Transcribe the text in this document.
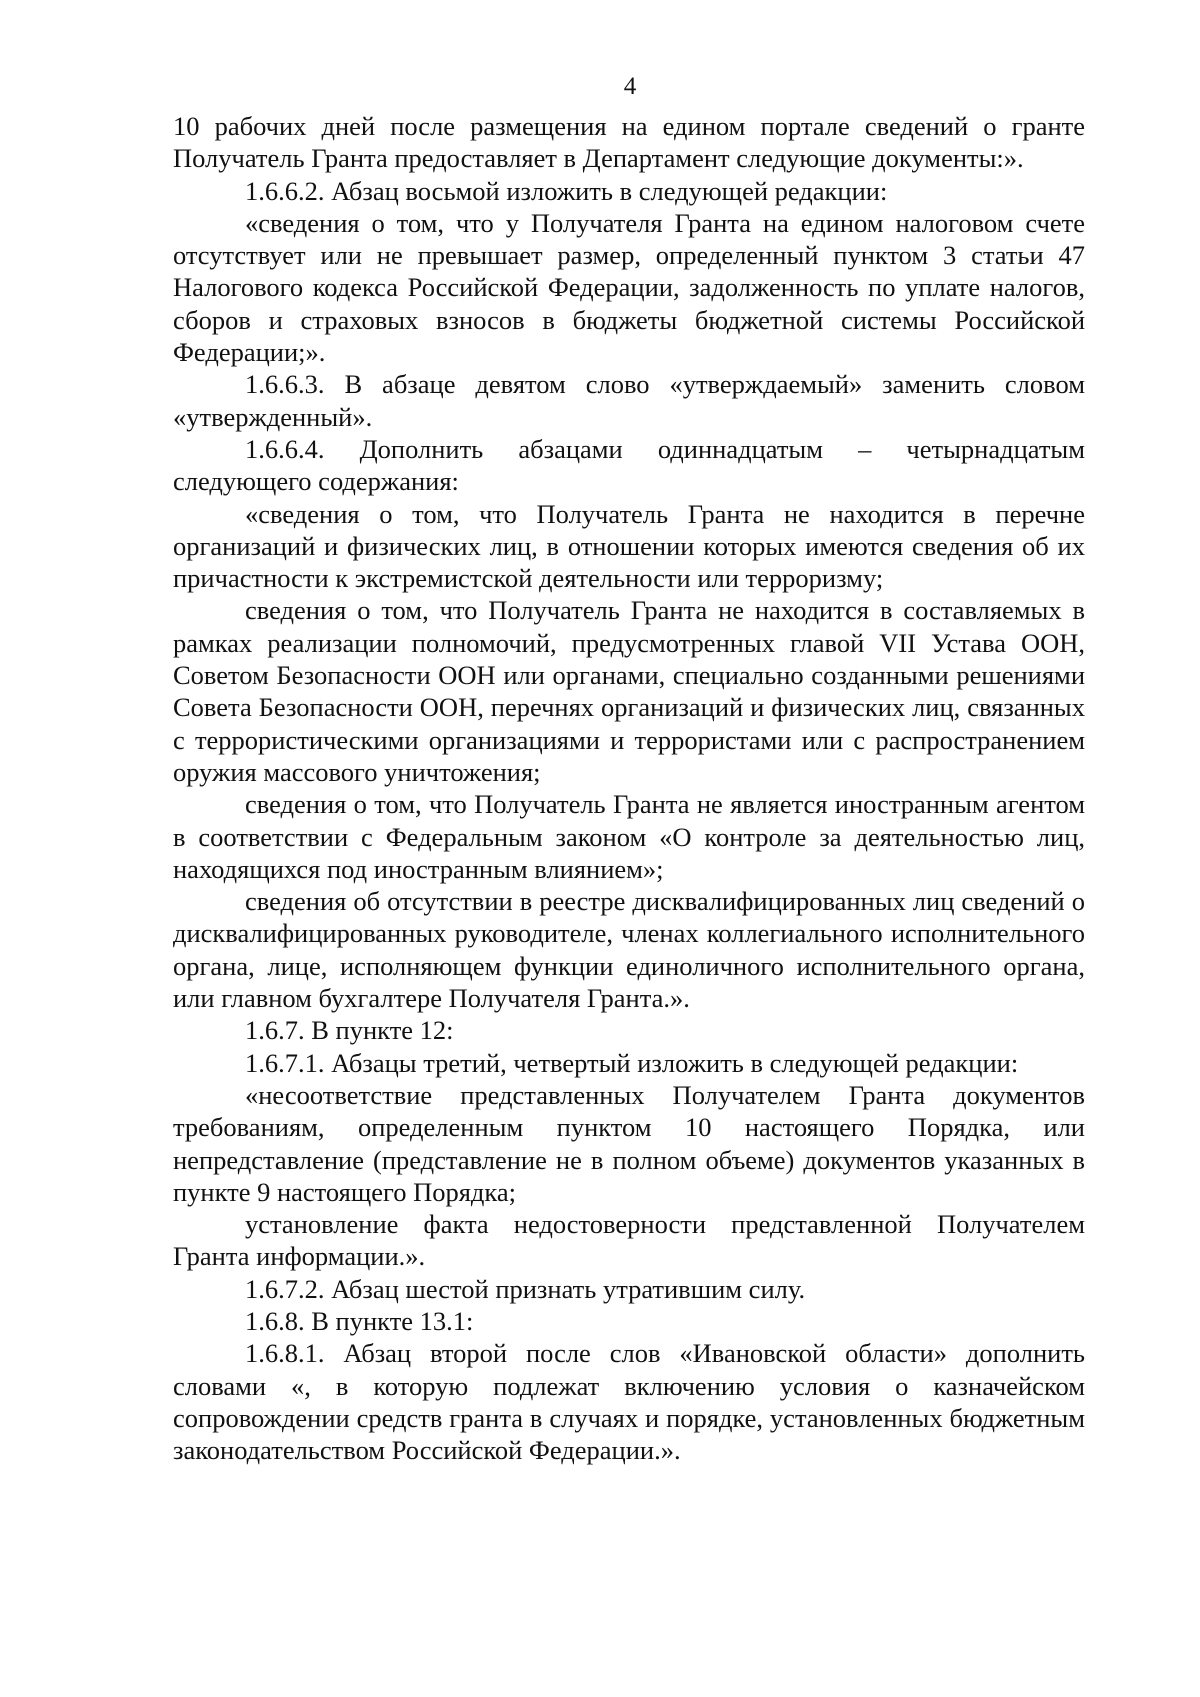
4

10 рабочих дней после размещения на едином портале сведений о гранте Получатель Гранта предоставляет в Департамент следующие документы:».

1.6.6.2. Абзац восьмой изложить в следующей редакции:

«сведения о том, что у Получателя Гранта на едином налоговом счете отсутствует или не превышает размер, определенный пунктом 3 статьи 47 Налогового кодекса Российской Федерации, задолженность по уплате налогов, сборов и страховых взносов в бюджеты бюджетной системы Российской Федерации;».

1.6.6.3. В абзаце девятом слово «утверждаемый» заменить словом «утвержденный».

1.6.6.4. Дополнить абзацами одиннадцатым – четырнадцатым следующего содержания:

«сведения о том, что Получатель Гранта не находится в перечне организаций и физических лиц, в отношении которых имеются сведения об их причастности к экстремистской деятельности или терроризму;

сведения о том, что Получатель Гранта не находится в составляемых в рамках реализации полномочий, предусмотренных главой VII Устава ООН, Советом Безопасности ООН или органами, специально созданными решениями Совета Безопасности ООН, перечнях организаций и физических лиц, связанных с террористическими организациями и террористами или с распространением оружия массового уничтожения;

сведения о том, что Получатель Гранта не является иностранным агентом в соответствии с Федеральным законом «О контроле за деятельностью лиц, находящихся под иностранным влиянием»;

сведения об отсутствии в реестре дисквалифицированных лиц сведений о дисквалифицированных руководителе, членах коллегиального исполнительного органа, лице, исполняющем функции единоличного исполнительного органа, или главном бухгалтере Получателя Гранта.».

1.6.7. В пункте 12:

1.6.7.1. Абзацы третий, четвертый изложить в следующей редакции:

«несоответствие представленных Получателем Гранта документов требованиям, определенным пунктом 10 настоящего Порядка, или непредставление (представление не в полном объеме) документов указанных в пункте 9 настоящего Порядка;

установление факта недостоверности представленной Получателем Гранта информации.».

1.6.7.2. Абзац шестой признать утратившим силу.

1.6.8. В пункте 13.1:

1.6.8.1. Абзац второй после слов «Ивановской области» дополнить словами «, в которую подлежат включению условия о казначейском сопровождении средств гранта в случаях и порядке, установленных бюджетным законодательством Российской Федерации.».
